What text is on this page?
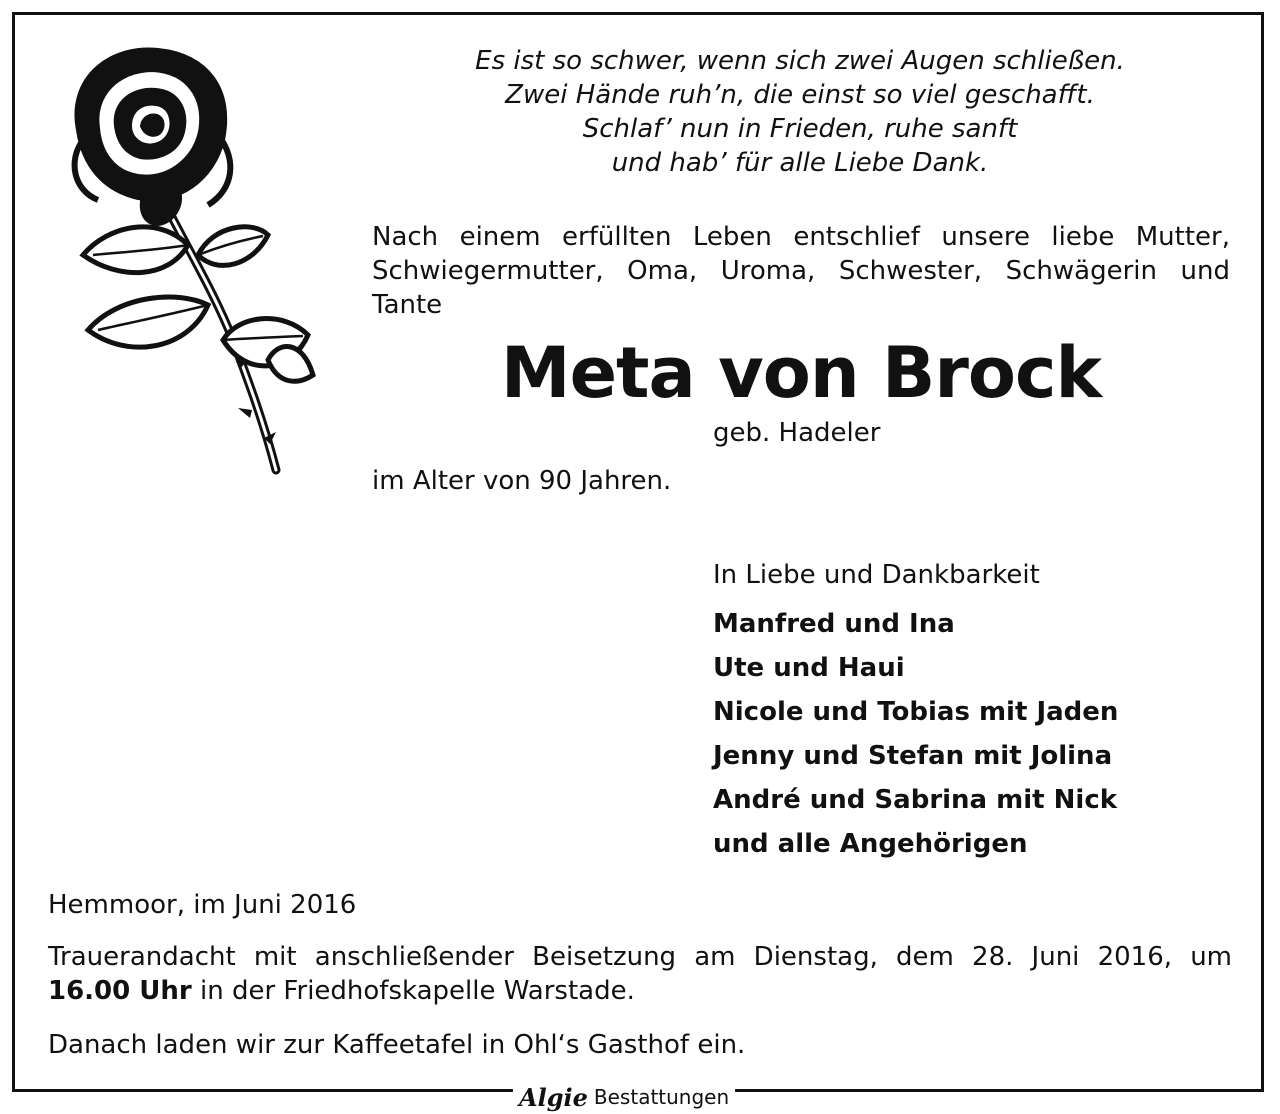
Es ist so schwer, wenn sich zwei Augen schließen.
Zwei Hände ruh’n, die einst so viel geschafft.
Schlaf’ nun in Frieden, ruhe sanft
und hab’ für alle Liebe Dank.
Nach einem erfüllten Leben entschlief unsere liebe Mutter,
Schwiegermutter, Oma, Uroma, Schwester, Schwägerin und
Tante
Meta von Brock
geb. Hadeler
im Alter von 90 Jahren.
In Liebe und Dankbarkeit
Manfred und Ina
Ute und Haui
Nicole und Tobias mit Jaden
Jenny und Stefan mit Jolina
André und Sabrina mit Nick
und alle Angehörigen
Hemmoor, im Juni 2016
Trauerandacht mit anschließender Beisetzung am Dienstag, dem 28. Juni 2016, um
16.00 Uhr in der Friedhofskapelle Warstade.
Danach laden wir zur Kaffeetafel in Ohl‘s Gasthof ein.
Algie Bestattungen
